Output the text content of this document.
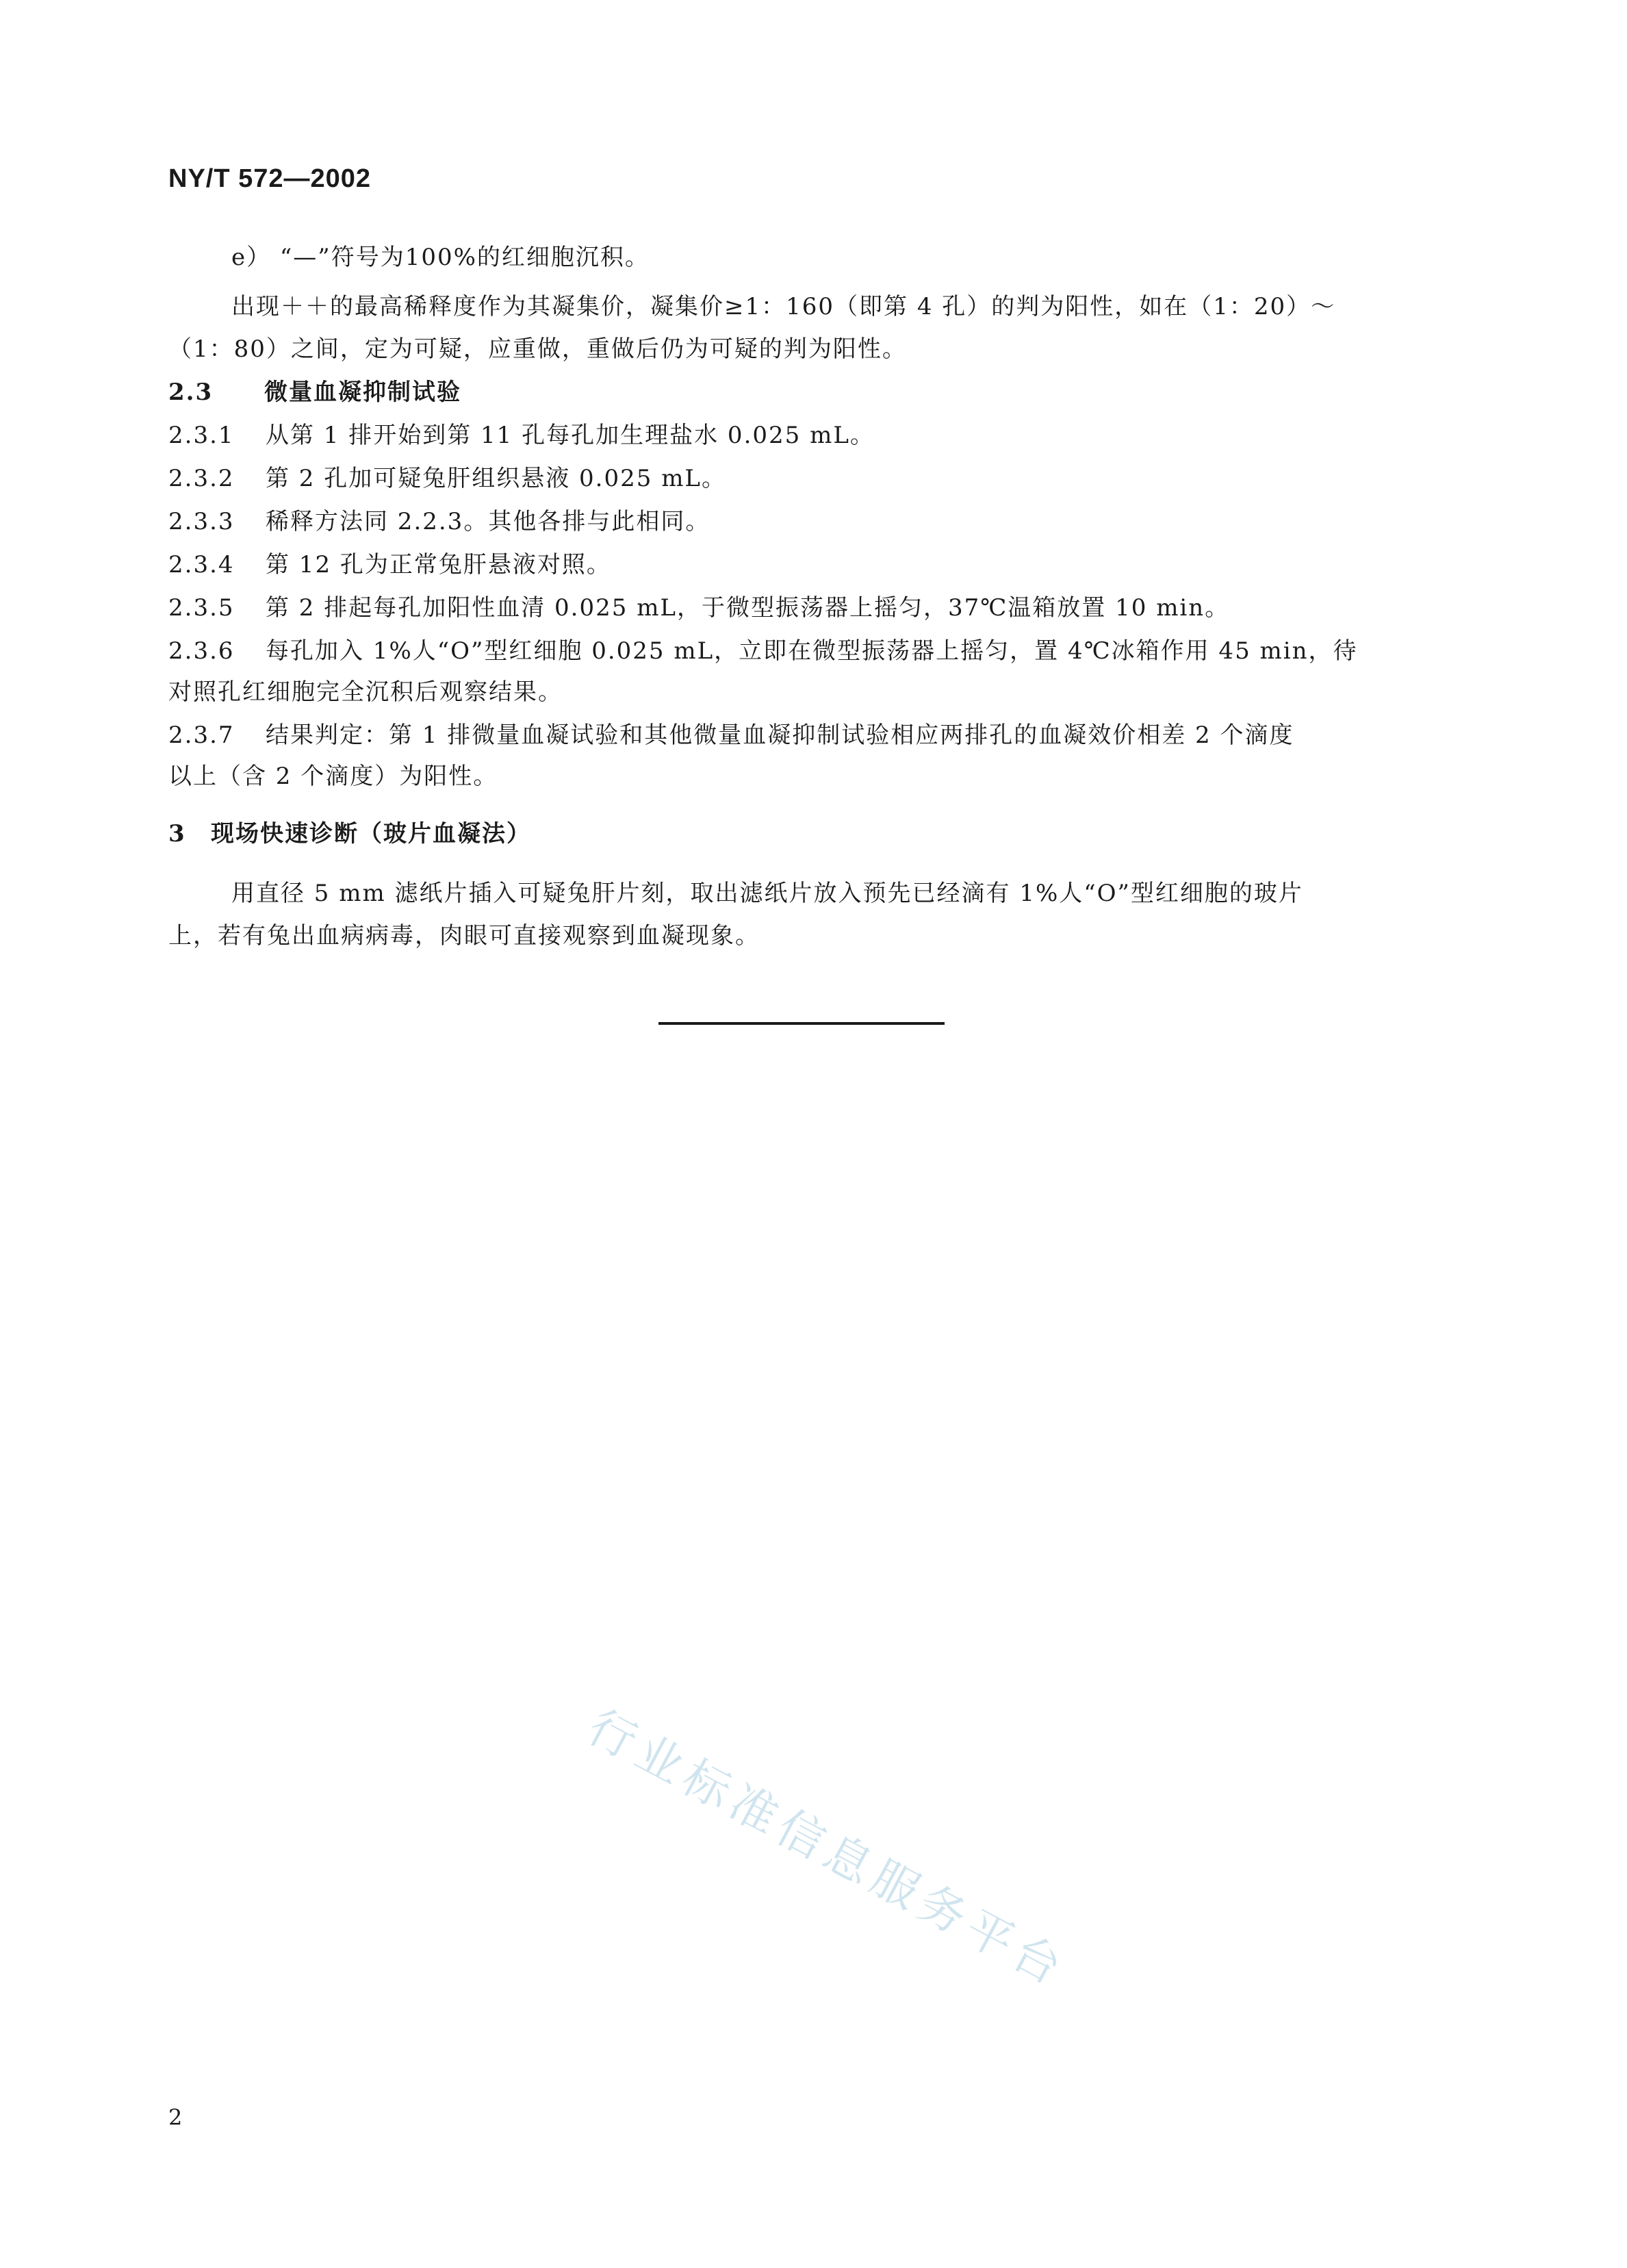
NY/T 572—2002
e） “—”符号为100%的红细胞沉积。
出现＋＋的最高稀释度作为其凝集价，凝集价≥1：160（即第 4 孔）的判为阳性，如在（1：20）～
（1：80）之间，定为可疑，应重做，重做后仍为可疑的判为阳性。
2.3 微量血凝抑制试验
2.3.1 从第 1 排开始到第 11 孔每孔加生理盐水 0.025 mL。
2.3.2 第 2 孔加可疑兔肝组织悬液 0.025 mL。
2.3.3 稀释方法同 2.2.3。其他各排与此相同。
2.3.4 第 12 孔为正常兔肝悬液对照。
2.3.5 第 2 排起每孔加阳性血清 0.025 mL，于微型振荡器上摇匀，37℃温箱放置 10 min。
2.3.6 每孔加入 1%人“O”型红细胞 0.025 mL，立即在微型振荡器上摇匀，置 4℃冰箱作用 45 min，待
对照孔红细胞完全沉积后观察结果。
2.3.7 结果判定：第 1 排微量血凝试验和其他微量血凝抑制试验相应两排孔的血凝效价相差 2 个滴度
以上（含 2 个滴度）为阳性。
3 现场快速诊断（玻片血凝法）
用直径 5 mm 滤纸片插入可疑兔肝片刻，取出滤纸片放入预先已经滴有 1%人“O”型红细胞的玻片
上，若有兔出血病病毒，肉眼可直接观察到血凝现象。
行业标准信息服务平台
2
